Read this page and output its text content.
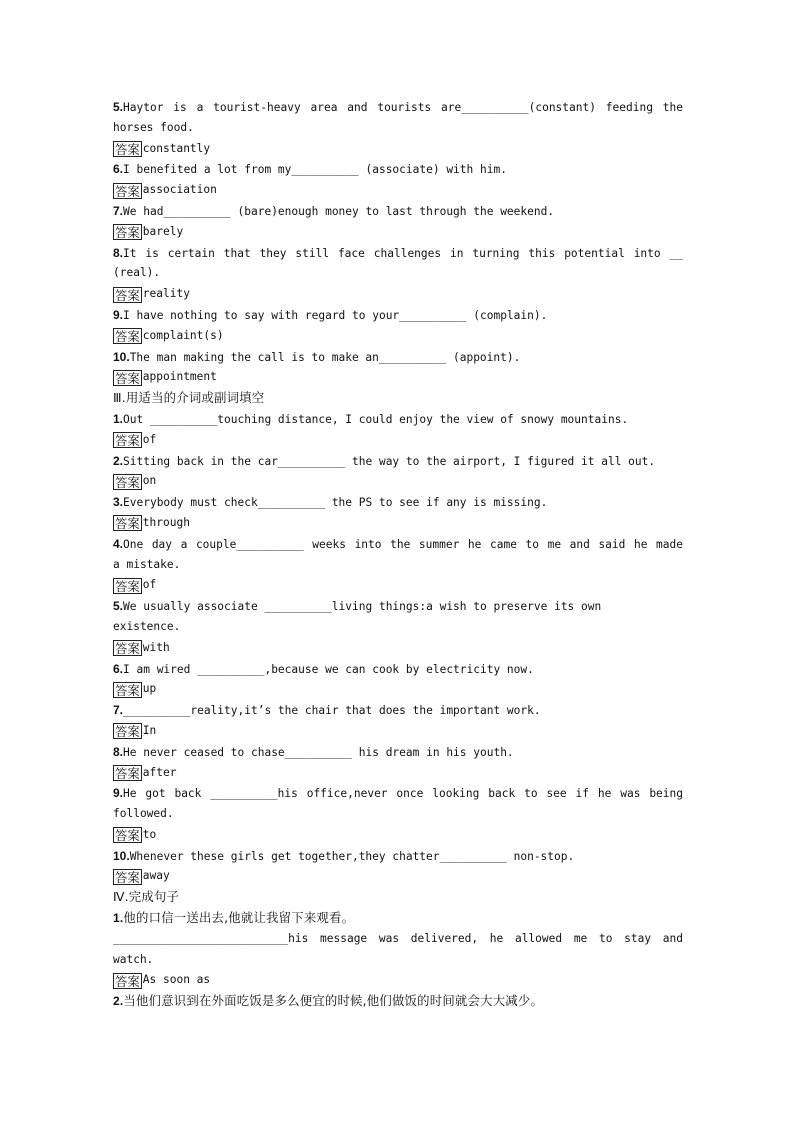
5.Haytor is a tourist-heavy area and tourists are__________(constant) feeding the
horses food.
答案 constantly
6.I benefited a lot from my__________ (associate) with him.
答案 association
7.We had__________ (bare)enough money to last through the weekend.
答案 barely
8.It is certain that they still face challenges in turning this potential into __
(real).
答案 reality
9.I have nothing to say with regard to your__________ (complain).
答案 complaint(s)
10.The man making the call is to make an__________ (appoint).
答案 appointment
Ⅲ.用适当的介词或副词填空
1.Out __________touching distance, I could enjoy the view of snowy mountains.
答案 of
2.Sitting back in the car__________ the way to the airport, I figured it all out.
答案 on
3.Everybody must check__________ the PS to see if any is missing.
答案 through
4.One day a couple__________ weeks into the summer he came to me and said he made
a mistake.
答案 of
5.We usually associate __________living things:a wish to preserve its own
existence.
答案 with
6.I am wired __________,because we can cook by electricity now.
答案 up
7.__________reality,it’s the chair that does the important work.
答案 In
8.He never ceased to chase__________ his dream in his youth.
答案 after
9.He got back __________his office,never once looking back to see if he was being
followed.
答案 to
10.Whenever these girls get together,they chatter__________ non-stop.
答案 away
Ⅳ.完成句子
1.他的口信一送出去,他就让我留下来观看。
__________________________his message was delivered, he allowed me to stay and
watch.
答案 As soon as
2.当他们意识到在外面吃饭是多么便宜的时候,他们做饭的时间就会大大减少。
